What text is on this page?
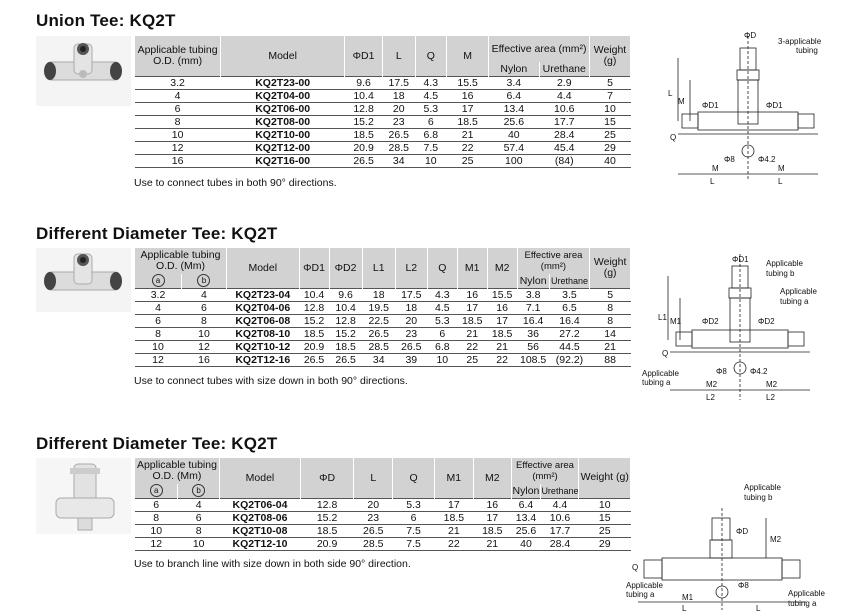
Union Tee: KQ2T
Applicable tubing O.D. (mm)	Model	ΦD1	L	Q	M	Effective area (mm²)		Weight (g)
						Nylon	Urethane	
3.2	KQ2T23-00	9.6	17.5	4.3	15.5	3.4	2.9	5
4	KQ2T04-00	10.4	18	4.5	16	6.4	4.4	7
6	KQ2T06-00	12.8	20	5.3	17	13.4	10.6	10
8	KQ2T08-00	15.2	23	6	18.5	25.6	17.7	15
10	KQ2T10-00	18.5	26.5	6.8	21	40	28.4	25
12	KQ2T12-00	20.9	28.5	7.5	22	57.4	45.4	29
16	KQ2T16-00	26.5	34	10	25	100	(84)	40
Use to connect tubes in both 90° directions.
ΦD
3-applicable
tubing
L
M ΦD1	ΦD1
Q
Φ8	Φ4.2
M	M
L	L
Different Diameter Tee: KQ2T
Applicable tubing O.D. (Mm)		Model	ΦD1	ΦD2	L1	L2	Q	M1	M2	Effective area (mm²)		Weight (g)

a	b									Nylon	Urethane	
3.2	4	KQ2T23-04	10.4	9.6	18	17.5	4.3	16	15.5	3.8	3.5	5
4	6	KQ2T04-06	12.8	10.4	19.5	18	4.5	17	16	7.1	6.5	8
6	8	KQ2T06-08	15.2	12.8	22.5	20	5.3	18.5	17	16.4	16.4	8
8	10	KQ2T08-10	18.5	15.2	26.5	23	6	21	18.5	36	27.2	14
10	12	KQ2T10-12	20.9	18.5	28.5	26.5	6.8	22	21	56	44.5	21
12	16	KQ2T12-16	26.5	26.5	34	39	10	25	22	108.5	(92.2)	88
Use to connect tubes with size down in both 90° directions.
ΦD1 Applicable
tubing b
Applicable
tubing a
L1 M1	ΦD2	ΦD2
Q
Applicable
tubing a
Φ8	Φ4.2
M2	M2
L2	L2
Different Diameter Tee: KQ2T
Applicable tubing O.D. (Mm)		Model	ΦD	L	Q	M1	M2	Effective area (mm²)		Weight (g)

a	b							Nylon	Urethane	
6	4	KQ2T06-04	12.8	20	5.3	17	16	6.4	4.4	10
8	6	KQ2T08-06	15.2	23	6	18.5	17	13.4	10.6	15
10	8	KQ2T10-08	18.5	26.5	7.5	21	18.5	25.6	17.7	25
12	10	KQ2T12-10	20.9	28.5	7.5	22	21	40	28.4	29
Use to branch line with size down in both side 90° direction.
Applicable
tubing b
ΦD
M2
Q
Φ8
Applicable
tubing a	M1
L	L
Applicable
tubing a
